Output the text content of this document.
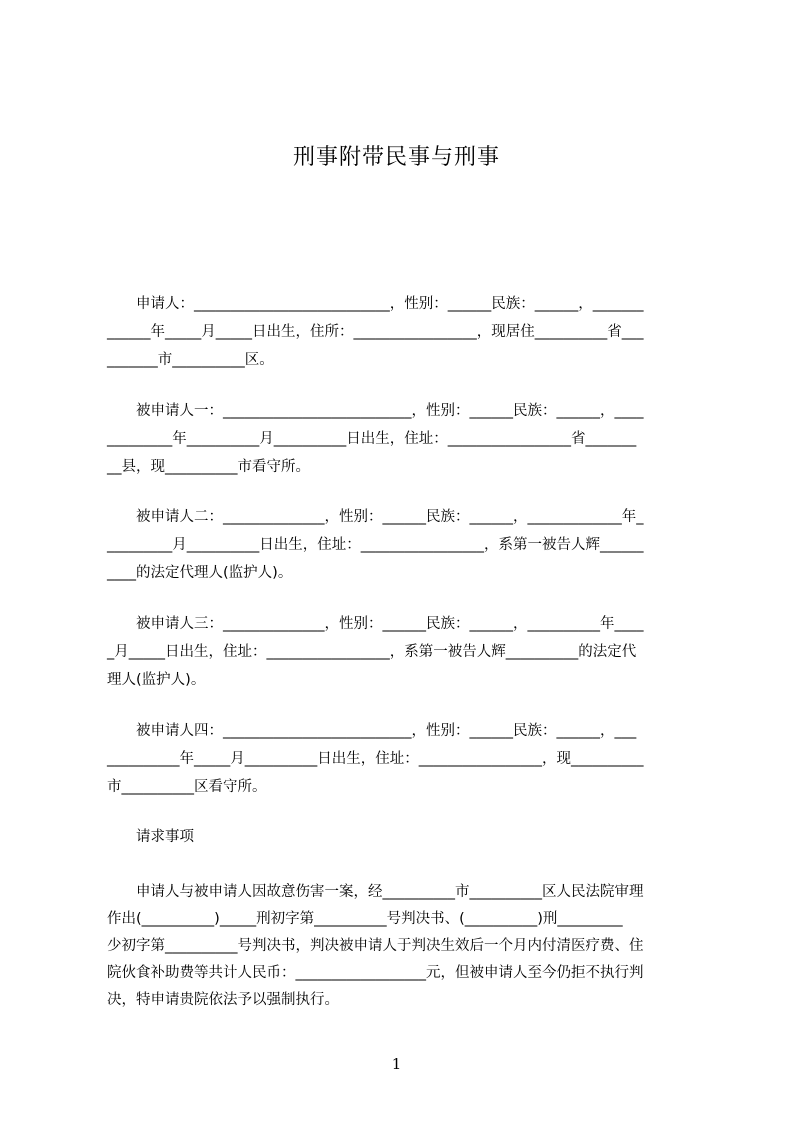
刑事附带民事与刑事
　　申请人：___________________________，性别：______民族：______，_______
______年_____月_____日出生，住所：_________________，现居住__________省___
_______市__________区。
　　被申请人一：__________________________，性别：______民族：______，____
_________年__________月__________日出生，住址：_________________省_______
__县，现__________市看守所。
　　被申请人二：______________，性别：______民族：______，_____________年_
_________月__________日出生，住址：_________________，系第一被告人辉______
____的法定代理人(监护人)。
　　被申请人三：______________，性别：______民族：______，__________年____
_月_____日出生，住址：_________________，系第一被告人辉__________的法定代
理人(监护人)。
　　被申请人四：__________________________，性别：______民族：______，___
__________年_____月__________日出生，住址：_________________，现__________
市__________区看守所。
　　请求事项
　　申请人与被申请人因故意伤害一案，经__________市__________区人民法院审理
作出(__________)_____刑初字第__________号判决书、(__________)刑_________
少初字第__________号判决书，判决被申请人于判决生效后一个月内付清医疗费、住
院伙食补助费等共计人民币：__________________元，但被申请人至今仍拒不执行判
决，特申请贵院依法予以强制执行。
1
